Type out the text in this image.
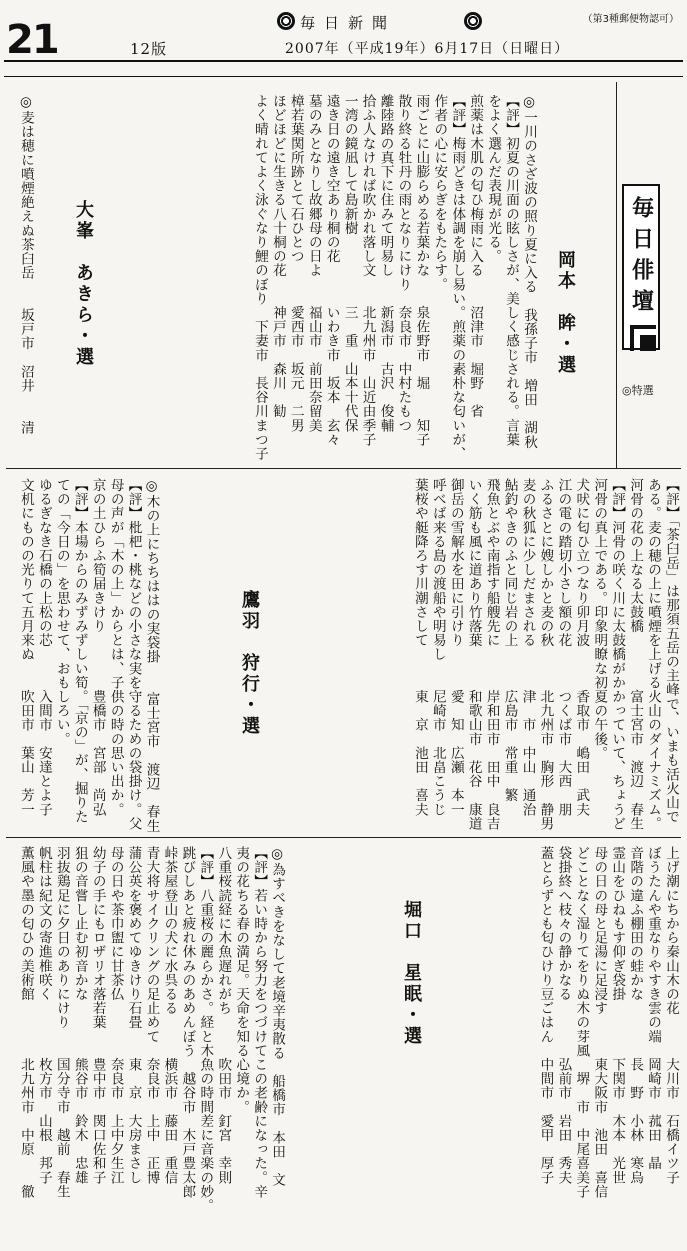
21	12版
毎日新聞
2007年（平成19年）6月17日（日曜日）
（第3種郵便物認可）
毎日俳壇
◎特選
岡本　眸・選

◎一川のさざ波の照り夏に入る　我孫子市　増田　湖秋

【評】初夏の川面の眩しさが、美しく感じされる。言葉

をよく選んだ表現が光る。

煎薬は木肌の匂ひ梅雨に入る　　沼津市　堀野　省

【評】梅雨どきは体調を崩し易い。煎薬の素朴な匂いが、

作者の心に安らぎをもたらす。

雨ごとに山膨らめる若葉かな　　泉佐野市　堀　　知子

散り終る牡丹の雨となりにけり　奈良市　中村たもつ

離陸路の真下に住みて明易し　　新潟市　古沢　俊輔

拾ふ人なければ吹かれ落し文　　北九州市　山近由季子

一湾の鏡凪して島新樹　　　　　三　重　山本十代保

遠き日の遠き空あり桐の花　　　いわき市　坂本　玄々

墓のみとなりし故郷母の日よ　　福山市　前田奈留美

樟若葉関所跡とて石ひとつ　　　愛西市　坂元　二男

ほどほどに生きる八十桐の花　　神戸市　森川　勧

よく晴れてよく泳ぐなり鯉のぼり　下妻市　長谷川まつ子

大峯　あきら・選

◎麦は穂に噴煙絶えぬ茶臼岳　　坂戸市　沼井　　清

【評】「茶臼岳」は那須五岳の主峰で、いまも活火山で

ある。麦の穂の上に噴煙を上げる火山のダイナミズム。

河骨の花の上なる太鼓橋　　　　富士宮市　渡辺　春生

【評】河骨の咲く川に太鼓橋がかかっていて、ちょうど

河骨の真上である。印象明瞭な初夏の午後。

犬吠に匂ひ立つなり卯月波　　　香取市　嶋田　武夫

江の電の踏切小さし額の花　　　つくば市　大西　朋

ふるさとに嫂しかと麦の秋　　　北九州市　胸形　静男

麦の秋狐に少しだまされる　　　津　市　中山　通治

鮎釣やきのふと同じ岩の上　　　広島市　常重　繁

飛魚とぶや南指す船艘先に　　　岸和田市　田中　良吉

いく筋も風に道あり竹落葉　　　和歌山市　花谷　康道

御岳の雪解水を田に引けり　　　愛　知　広瀬　本一

呼べば来る島の渡船や明易し　　尼崎市　北畠こうじ

葉桜や艇降ろす川潮さして　　　東　京　池田　喜夫

鷹羽　狩行・選

◎木の上にちちははの実袋掛　　富士宮市　渡辺　春生

【評】枇杷・桃などの小さな実を守るための袋掛け。父

母の声が「木の上」からとは、子供の時の思い出か。

京の土ひらふ筍届きけり　　　　豊橋市　宮部　尚弘

【評】本場からのみずみずしい筍。「京の」が、掘りた

ての「今日の」を思わせて、おもしろい。

ゆるぎなき石橋の上松の芯　　　入間市　安達とよ子

文机にものの光りて五月来ぬ　　吹田市　葉山　芳一

上げ潮にちから秦山木の花　　　大川市　石橋イツ子

ぼうたんや重なりやすき雲の端　岡崎市　菰田　晶

音階の違ふ棚田の蛙かな　　　　長　野　小林　寒烏

霊山をひねもす仰ぎ袋掛　　　　下関市　木本　光世

母の日の母と足湯に足浸す　　　東大阪市　池田　喜信

どことなく湿りてをりぬ木の芽風　堺　市　中尾喜美子

袋掛終へ枝々の静かなる　　　　弘前市　岩田　秀夫

蓋とらずとも匂ひけり豆ごはん　中間市　愛甲　厚子

堀口　星眠・選

◎為すべきをなして老境辛夷散る　船橋市　本田　文

【評】若い時から努力をつづけてこの老齢になった。辛

夷の花ちる春の満足。天命を知る心境か。

八重桜読経に木魚遅れがち　　　吹田市　釘宮　幸則

【評】八重桜の麗らかさ。経と木魚の時間差に音楽の妙。

跳びしあと疲れ休みのあめんぼう　越谷市　木戸豊太郎

峠茶屋登山の犬に水呉るる　　　横浜市　藤田　重信

青大将サイクリングの足止めて　奈良市　上中　正博

蒲公英を褒めてゆきけり石畳　　東　京　大房まさし

母の日や茶巾盥に甘茶仏　　　　奈良市　上中夕生江

幼子の手にもロザリオ落若葉　　豊中市　関口佐和子

狙の音嘗し止む初音かな　　　　熊谷市　鈴木　忠雄

羽抜鶏足に夕日のありにけり　　国分寺市　越前　春生

帆柱は紀文の寄進椎咲く　　　　枚方市　山根　邦子

薫風や墨の匂ひの美術館　　　　北九州市　中原　　徹
